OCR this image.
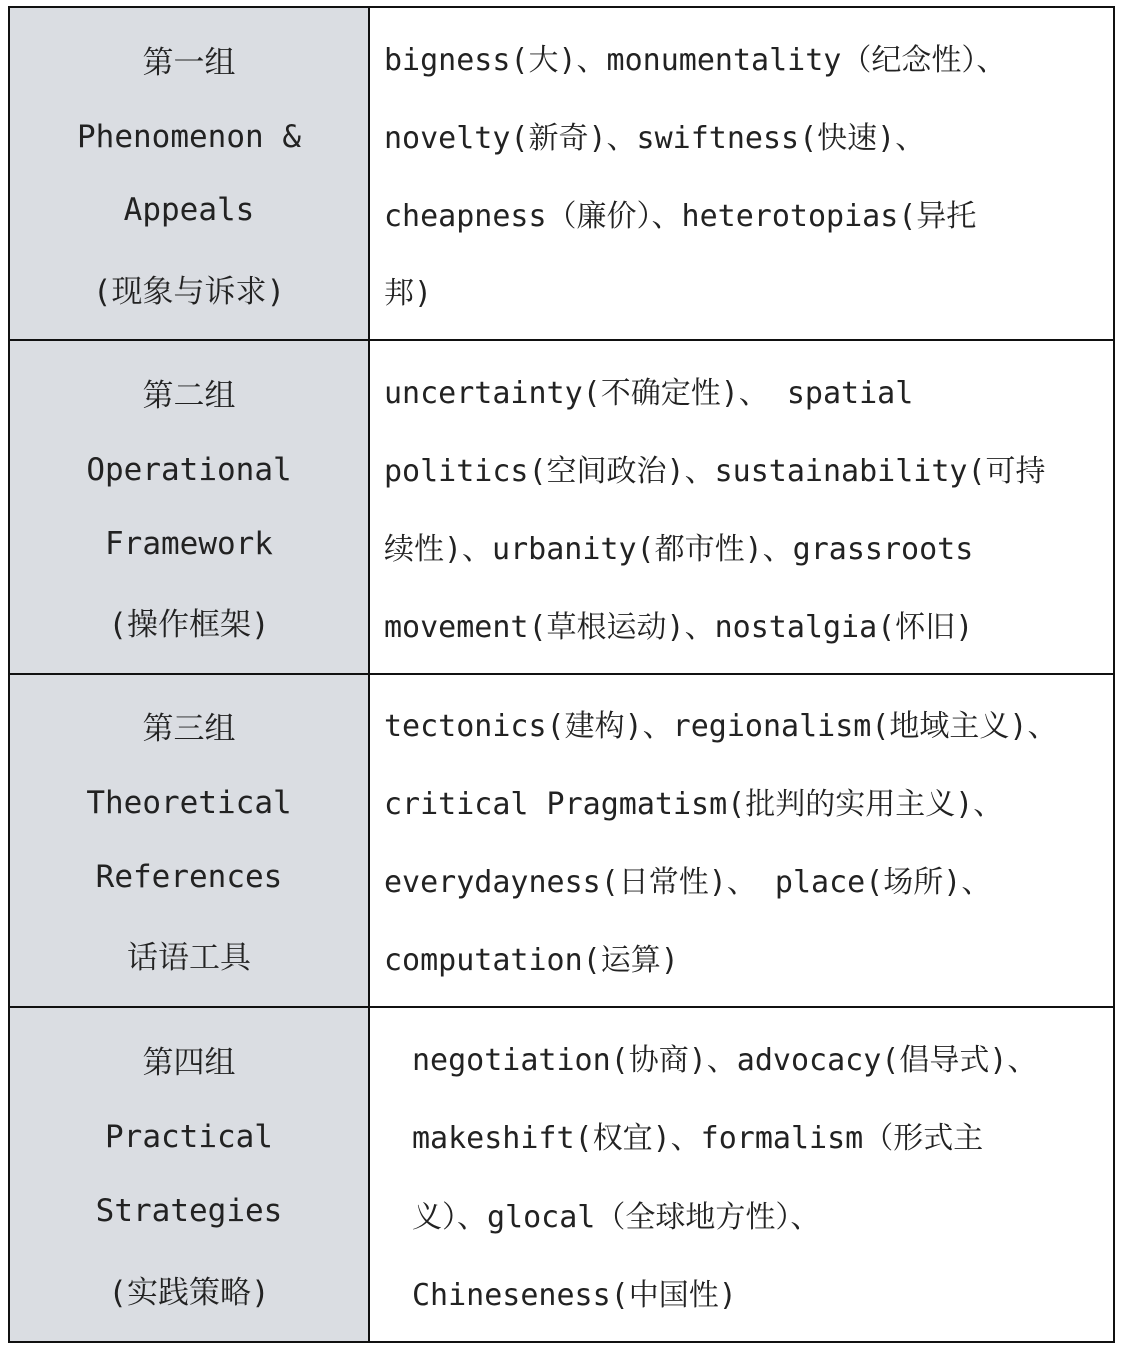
第一组
Phenomenon &
Appeals
(现象与诉求)
bigness(大)、monumentality（纪念性）、
novelty(新奇)、swiftness(快速)、
cheapness（廉价）、heterotopias(异托
邦)
第二组
Operational
Framework
(操作框架)
uncertainty(不确定性)、 spatial
politics(空间政治)、sustainability(可持
续性)、urbanity(都市性)、grassroots
movement(草根运动)、nostalgia(怀旧)
第三组
Theoretical
References
话语工具
tectonics(建构)、regionalism(地域主义)、
critical Pragmatism(批判的实用主义)、
everydayness(日常性)、 place(场所)、
computation(运算)
第四组
Practical
Strategies
(实践策略)
negotiation(协商)、advocacy(倡导式)、
makeshift(权宜)、formalism（形式主
义）、glocal（全球地方性）、
Chineseness(中国性)
